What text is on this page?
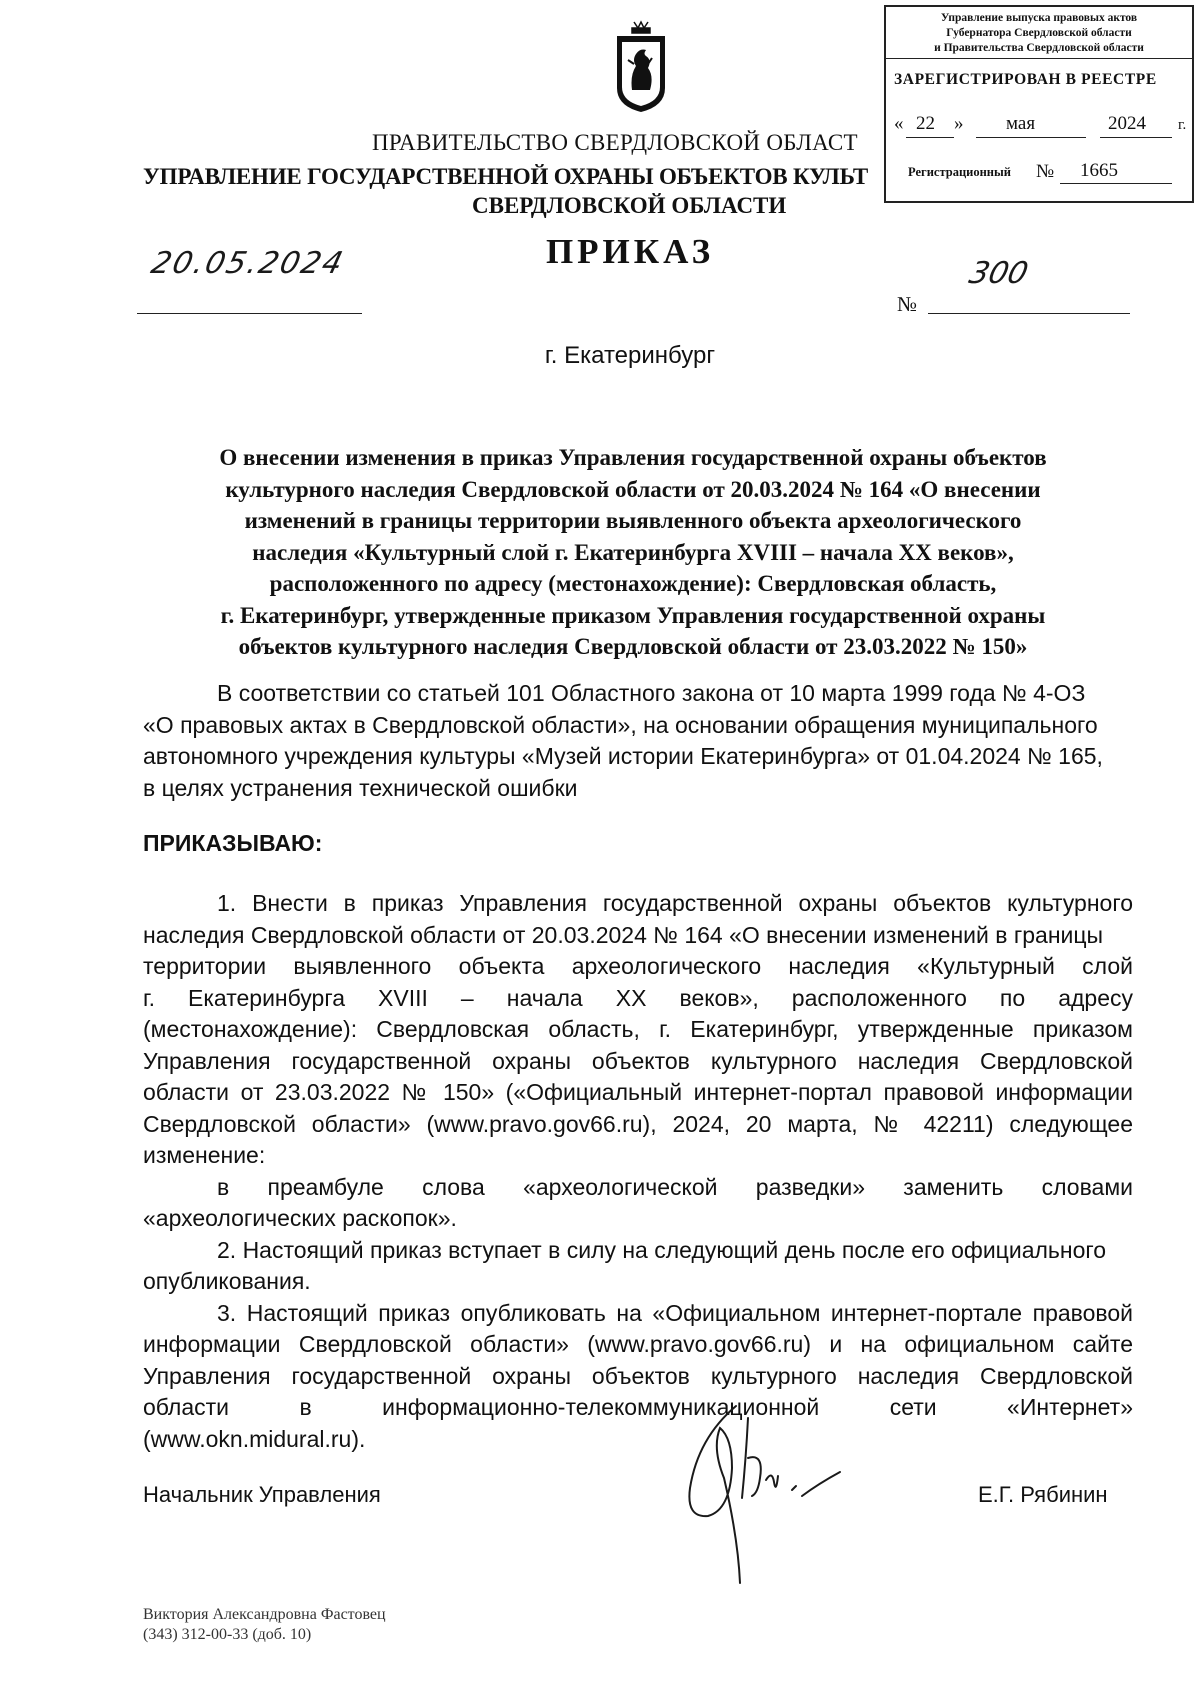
Управление выпуска правовых актов
Губернатора Свердловской области
и Правительства Свердловской области
ЗАРЕГИСТРИРОВАН В РЕЕСТРЕ
« 22 » мая	2024 г.
Регистрационный № 1665
ПРАВИТЕЛЬСТВО СВЕРДЛОВСКОЙ ОБЛАСТ
УПРАВЛЕНИЕ ГОСУДАРСТВЕННОЙ ОХРАНЫ ОБЪЕКТОВ КУЛЬТ
СВЕРДЛОВСКОЙ ОБЛАСТИ
ПРИКАЗ
20.05.2024
№
300
г. Екатеринбург
О внесении изменения в приказ Управления государственной охраны объектов
культурного наследия Свердловской области от 20.03.2024 № 164 «О внесении
изменений в границы территории выявленного объекта археологического
наследия «Культурный слой г. Екатеринбурга XVIII – начала XX веков»,
расположенного по адресу (местонахождение): Свердловская область,
г. Екатеринбург, утвержденные приказом Управления государственной охраны
объектов культурного наследия Свердловской области от 23.03.2022 № 150»
В соответствии со статьей 101 Областного закона от 10 марта 1999 года № 4-ОЗ
«О правовых актах в Свердловской области», на основании обращения муниципального
автономного учреждения культуры «Музей истории Екатеринбурга» от 01.04.2024 № 165,
в целях устранения технической ошибки
ПРИКАЗЫВАЮ:
1. Внести в приказ Управления государственной охраны объектов культурного
наследия Свердловской области от 20.03.2024 № 164 «О внесении изменений в границы
территории выявленного объекта археологического наследия «Культурный слой
г. Екатеринбурга XVIII – начала XX веков», расположенного по адресу
(местонахождение): Свердловская область, г. Екатеринбург, утвержденные приказом
Управления государственной охраны объектов культурного наследия Свердловской
области от 23.03.2022 № 150» («Официальный интернет-портал правовой информации
Свердловской области» (www.pravo.gov66.ru), 2024, 20 марта, № 42211) следующее
изменение:
в преамбуле слова «археологической разведки» заменить словами
«археологических раскопок».
2. Настоящий приказ вступает в силу на следующий день после его официального
опубликования.
3. Настоящий приказ опубликовать на «Официальном интернет-портале правовой
информации Свердловской области» (www.pravo.gov66.ru) и на официальном сайте
Управления государственной охраны объектов культурного наследия Свердловской
области в информационно-телекоммуникационной сети «Интернет»
(www.okn.midural.ru).
Начальник Управления	Е.Г. Рябинин
Виктория Александровна Фастовец
(343) 312-00-33 (доб. 10)
